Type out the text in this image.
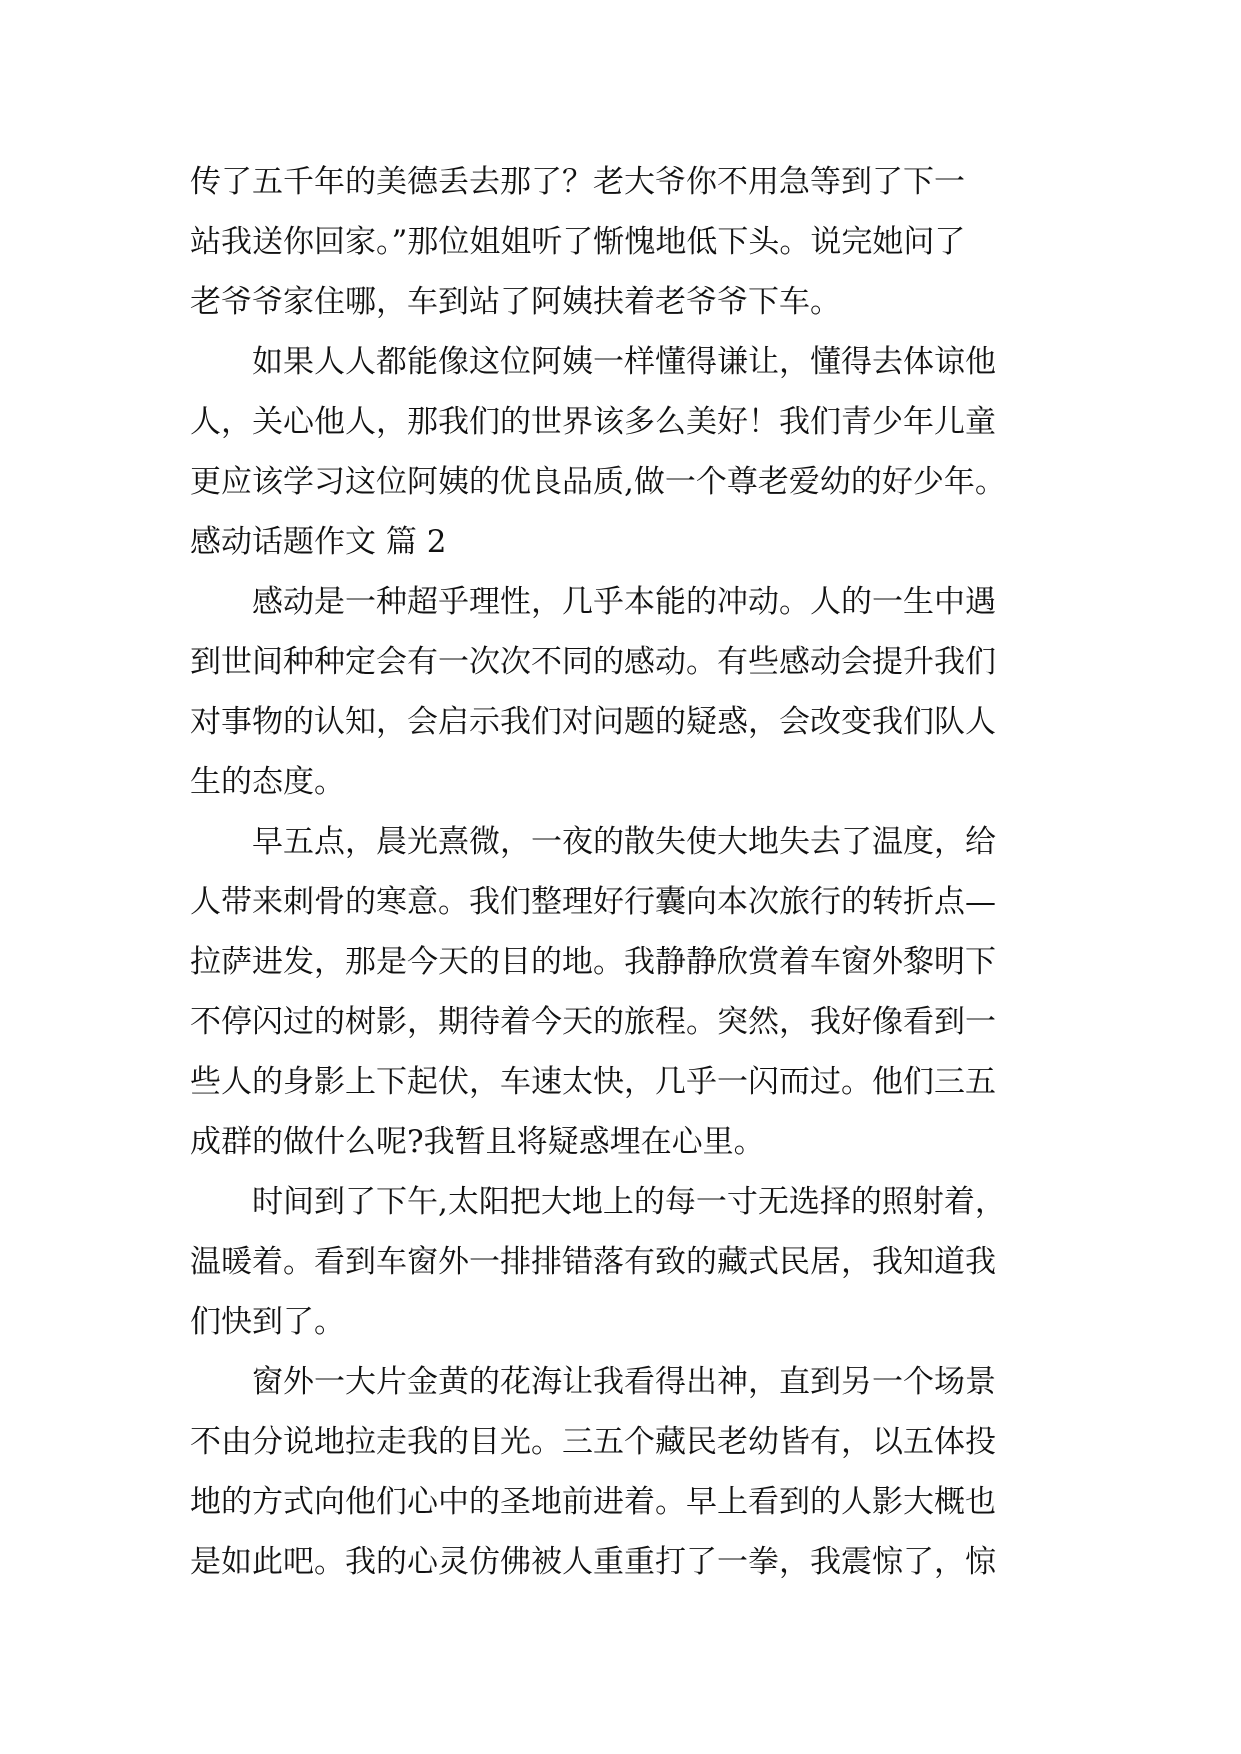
传了五千年的美德丢去那了？老大爷你不用急等到了下一
站我送你回家。”那位姐姐听了惭愧地低下头。说完她问了
老爷爷家住哪，车到站了阿姨扶着老爷爷下车。
如果人人都能像这位阿姨一样懂得谦让，懂得去体谅他
人，关心他人，那我们的世界该多么美好！我们青少年儿童
更应该学习这位阿姨的优良品质,做一个尊老爱幼的好少年。
感动话题作文 篇 2
感动是一种超乎理性，几乎本能的冲动。人的一生中遇
到世间种种定会有一次次不同的感动。有些感动会提升我们
对事物的认知，会启示我们对问题的疑惑，会改变我们队人
生的态度。
早五点，晨光熹微，一夜的散失使大地失去了温度，给
人带来刺骨的寒意。我们整理好行囊向本次旅行的转折点—
拉萨进发，那是今天的目的地。我静静欣赏着车窗外黎明下
不停闪过的树影，期待着今天的旅程。突然，我好像看到一
些人的身影上下起伏，车速太快，几乎一闪而过。他们三五
成群的做什么呢?我暂且将疑惑埋在心里。
时间到了下午,太阳把大地上的每一寸无选择的照射着，
温暖着。看到车窗外一排排错落有致的藏式民居，我知道我
们快到了。
窗外一大片金黄的花海让我看得出神，直到另一个场景
不由分说地拉走我的目光。三五个藏民老幼皆有，以五体投
地的方式向他们心中的圣地前进着。早上看到的人影大概也
是如此吧。我的心灵仿佛被人重重打了一拳，我震惊了，惊
